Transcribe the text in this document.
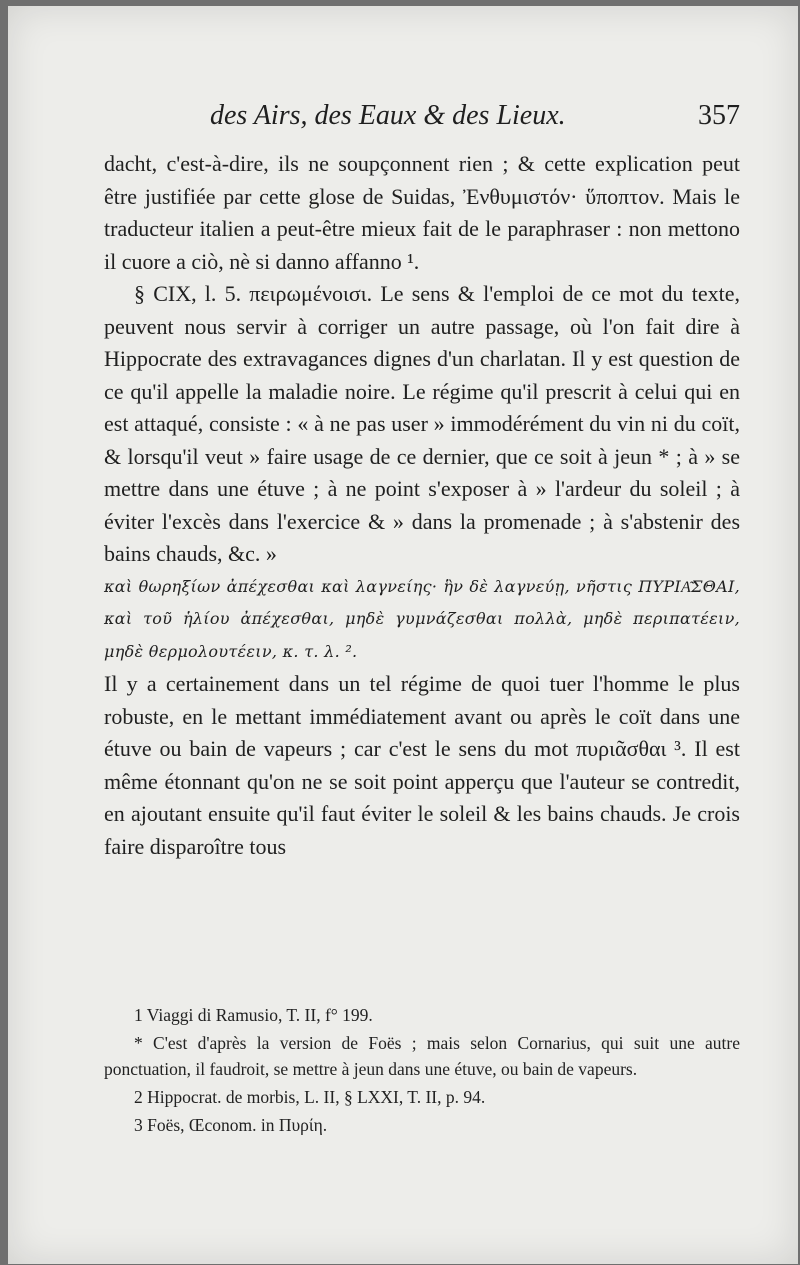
des Airs, des Eaux & des Lieux.	357

dacht, c'est-à-dire, ils ne soupçonnent rien ; & cette explication peut être justifiée par cette glose de Suidas, Ἐνθυμιστόν· ὕποπτον. Mais le traducteur italien a peut-être mieux fait de le paraphraser : non mettono il cuore a ciò, nè si danno affanno ¹.

§ CIX, l. 5. πειρωμένοισι. Le sens & l'emploi de ce mot du texte, peuvent nous servir à corriger un autre passage, où l'on fait dire à Hippocrate des extravagances dignes d'un charlatan. Il y est question de ce qu'il appelle la maladie noire. Le régime qu'il prescrit à celui qui en est attaqué, consiste : « à ne pas user » immodérément du vin ni du coït, & lorsqu'il veut » faire usage de ce dernier, que ce soit à jeun * ; à » se mettre dans une étuve ; à ne point s'exposer à » l'ardeur du soleil ; à éviter l'excès dans l'exercice & » dans la promenade ; à s'abstenir des bains chauds, &c. »

καὶ θωρηξίων ἀπέχεσθαι καὶ λαγνείης· ἣν δὲ λαγνεύῃ, νῆστις ΠΥΡΙΑ͂ΣΘΑΙ, καὶ τοῦ ἡλίου ἀπέχεσθαι, μηδὲ γυμνάζεσθαι πολλὰ, μηδὲ περιπατέειν, μηδὲ θερμολουτέειν, κ. τ. λ. ².

Il y a certainement dans un tel régime de quoi tuer l'homme le plus robuste, en le mettant immédiatement avant ou après le coït dans une étuve ou bain de vapeurs ; car c'est le sens du mot πυριᾶσθαι ³. Il est même étonnant qu'on ne se soit point apperçu que l'auteur se contredit, en ajoutant ensuite qu'il faut éviter le soleil & les bains chauds. Je crois faire disparoître tous

1 Viaggi di Ramusio, T. II, f° 199.

* C'est d'après la version de Foës ; mais selon Cornarius, qui suit une autre ponctuation, il faudroit, se mettre à jeun dans une étuve, ou bain de vapeurs.

2 Hippocrat. de morbis, L. II, § LXXI, T. II, p. 94.

3 Foës, Œconom. in Πυρίη.
